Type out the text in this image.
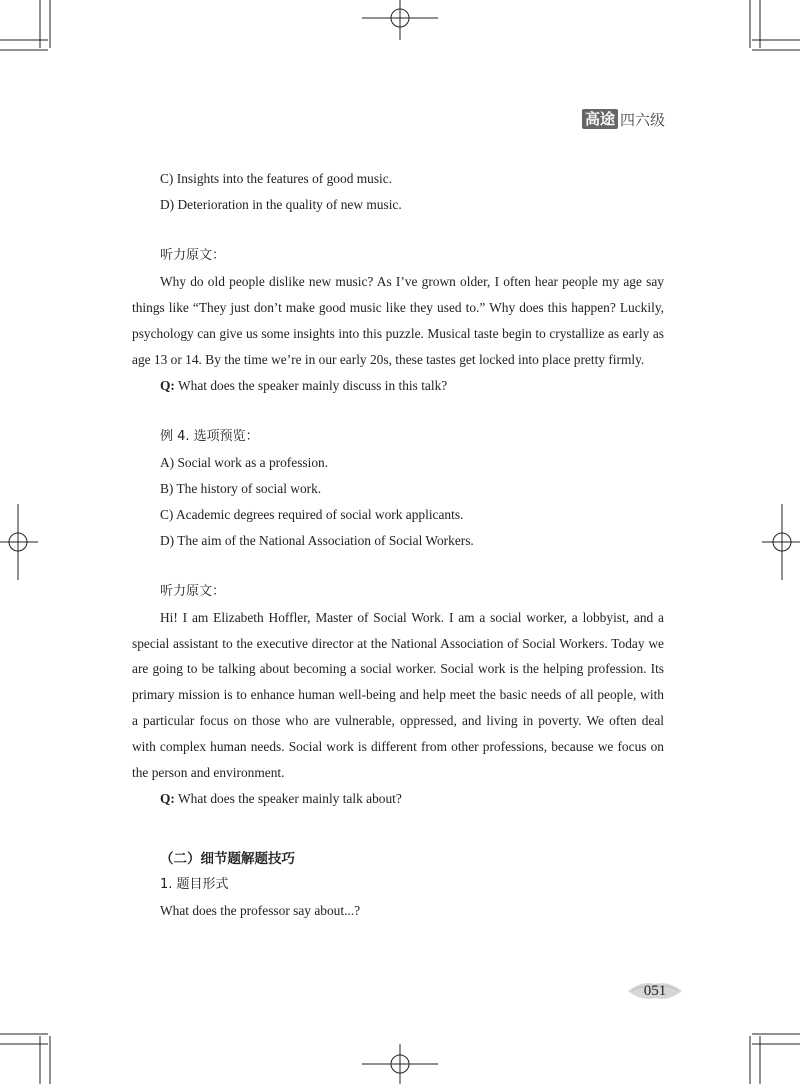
高途 四六级

C) Insights into the features of good music.

D) Deterioration in the quality of new music.

听力原文：

Why do old people dislike new music? As I’ve grown older, I often hear people my age say things like “They just don’t make good music like they used to.” Why does this happen? Luckily, psychology can give us some insights into this puzzle. Musical taste begin to crystallize as early as age 13 or 14. By the time we’re in our early 20s, these tastes get locked into place pretty firmly.

Q: What does the speaker mainly discuss in this talk?

例 4. 选项预览：

A) Social work as a profession.

B) The history of social work.

C) Academic degrees required of social work applicants.

D) The aim of the National Association of Social Workers.

听力原文：

Hi! I am Elizabeth Hoffler, Master of Social Work. I am a social worker, a lobbyist, and a special assistant to the executive director at the National Association of Social Workers. Today we are going to be talking about becoming a social worker. Social work is the helping profession. Its primary mission is to enhance human well-being and help meet the basic needs of all people, with a particular focus on those who are vulnerable, oppressed, and living in poverty. We often deal with complex human needs. Social work is different from other professions, because we focus on the person and environment.

Q: What does the speaker mainly talk about?

（二）细节题解题技巧

1. 题目形式

What does the professor say about...?

051
